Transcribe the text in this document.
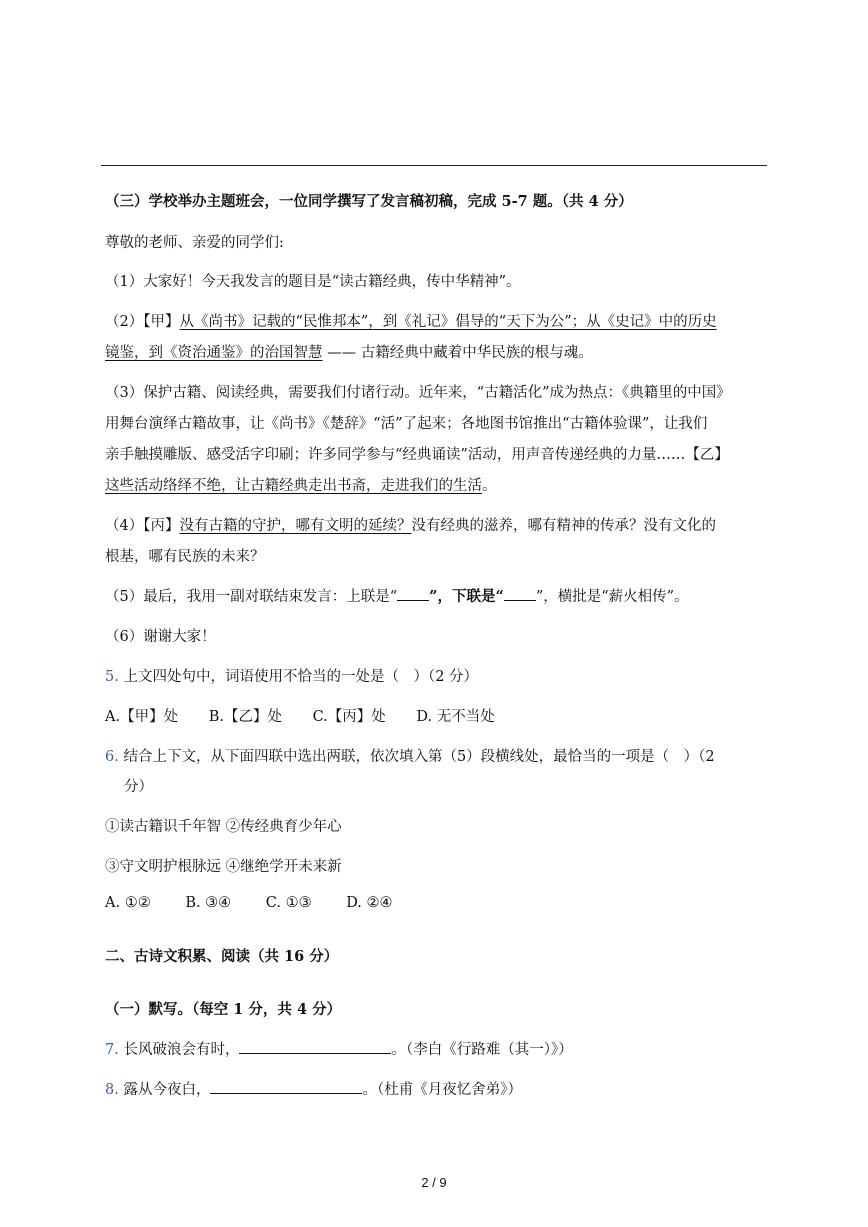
（三）学校举办主题班会，一位同学撰写了发言稿初稿，完成 5-7 题。（共 4 分）
尊敬的老师、亲爱的同学们:
（1）大家好！今天我发言的题目是“读古籍经典，传中华精神”。
（2）【甲】从《尚书》记载的“民惟邦本”，到《礼记》倡导的“天下为公”；从《史记》中的历史
镜鉴，到《资治通鉴》的治国智慧 —— 古籍经典中藏着中华民族的根与魂。
（3）保护古籍、阅读经典，需要我们付诸行动。近年来，“古籍活化”成为热点：《典籍里的中国》
用舞台演绎古籍故事，让《尚书》《楚辞》“活”了起来；各地图书馆推出“古籍体验课”，让我们
亲手触摸雕版、感受活字印刷；许多同学参与“经典诵读”活动，用声音传递经典的力量……【乙】
这些活动络绎不绝，让古籍经典走出书斋，走进我们的生活。
（4）【丙】没有古籍的守护，哪有文明的延续？没有经典的滋养，哪有精神的传承？没有文化的
根基，哪有民族的未来？
（5）最后，我用一副对联结束发言：上联是“ ”，下联是“ ”，横批是“薪火相传”。
（6）谢谢大家！
5. 上文四处句中，词语使用不恰当的一处是（　）（2 分）
A.【甲】处 B.【乙】处 C.【丙】处 D. 无不当处
6. 结合上下文，从下面四联中选出两联，依次填入第（5）段横线处，最恰当的一项是（　）（2
分）
①读古籍识千年智 ②传经典育少年心
③守文明护根脉远 ④继绝学开未来新
A. ①② B. ③④ C. ①③ D. ②④
二、古诗文积累、阅读（共 16 分）
（一）默写。（每空 1 分，共 4 分）
7. 长风破浪会有时，	。（李白《行路难（其一）》）
8. 露从今夜白，	。（杜甫《月夜忆舍弟》）
2 / 9
